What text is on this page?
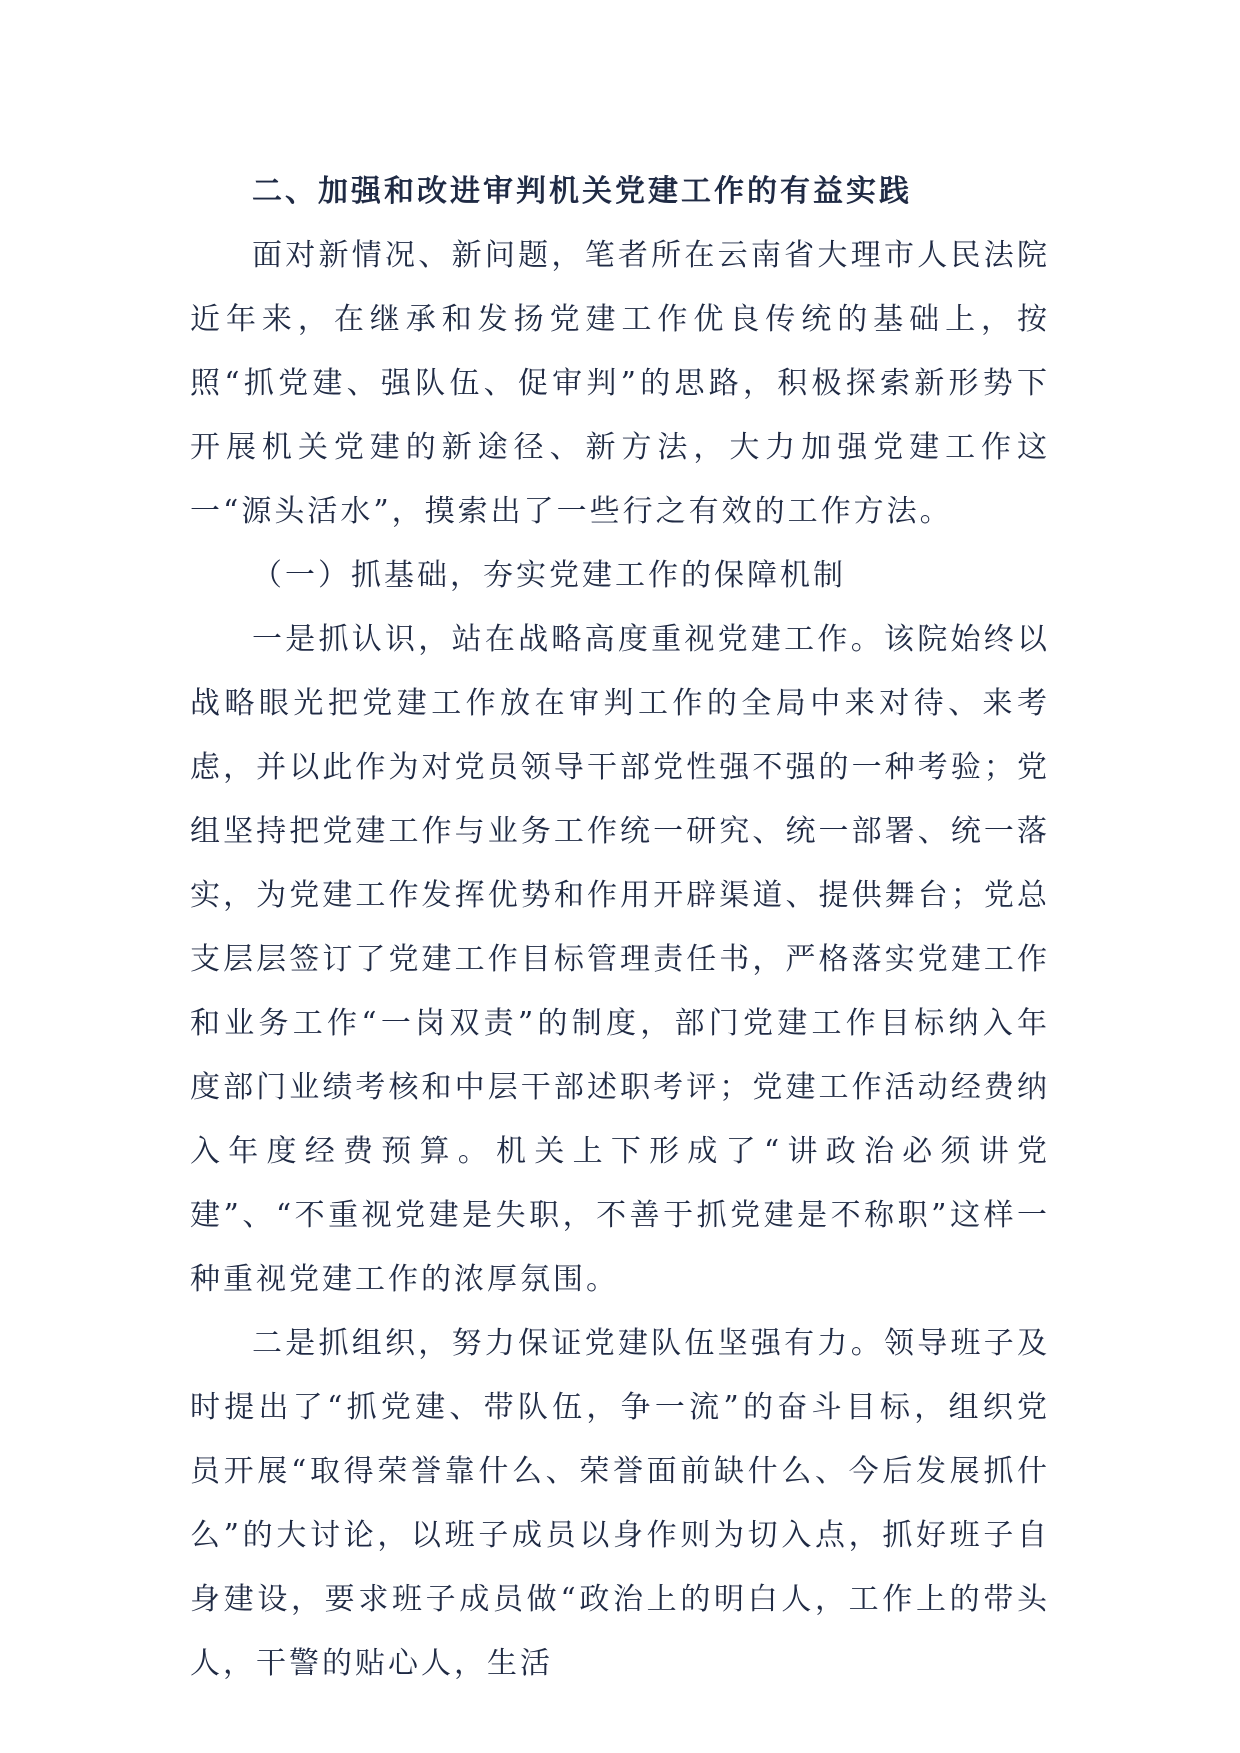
二、加强和改进审判机关党建工作的有益实践

面对新情况、新问题，笔者所在云南省大理市人民法院近年来，在继承和发扬党建工作优良传统的基础上，按照“抓党建、强队伍、促审判”的思路，积极探索新形势下开展机关党建的新途径、新方法，大力加强党建工作这一“源头活水”，摸索出了一些行之有效的工作方法。

（一）抓基础，夯实党建工作的保障机制

一是抓认识，站在战略高度重视党建工作。该院始终以战略眼光把党建工作放在审判工作的全局中来对待、来考虑，并以此作为对党员领导干部党性强不强的一种考验；党组坚持把党建工作与业务工作统一研究、统一部署、统一落实，为党建工作发挥优势和作用开辟渠道、提供舞台；党总支层层签订了党建工作目标管理责任书，严格落实党建工作和业务工作“一岗双责”的制度，部门党建工作目标纳入年度部门业绩考核和中层干部述职考评；党建工作活动经费纳入年度经费预算。机关上下形成了“讲政治必须讲党建”、“不重视党建是失职，不善于抓党建是不称职”这样一种重视党建工作的浓厚氛围。

二是抓组织，努力保证党建队伍坚强有力。领导班子及时提出了“抓党建、带队伍，争一流”的奋斗目标，组织党员开展“取得荣誉靠什么、荣誉面前缺什么、今后发展抓什么”的大讨论，以班子成员以身作则为切入点，抓好班子自身建设，要求班子成员做“政治上的明白人，工作上的带头人，干警的贴心人，生活
